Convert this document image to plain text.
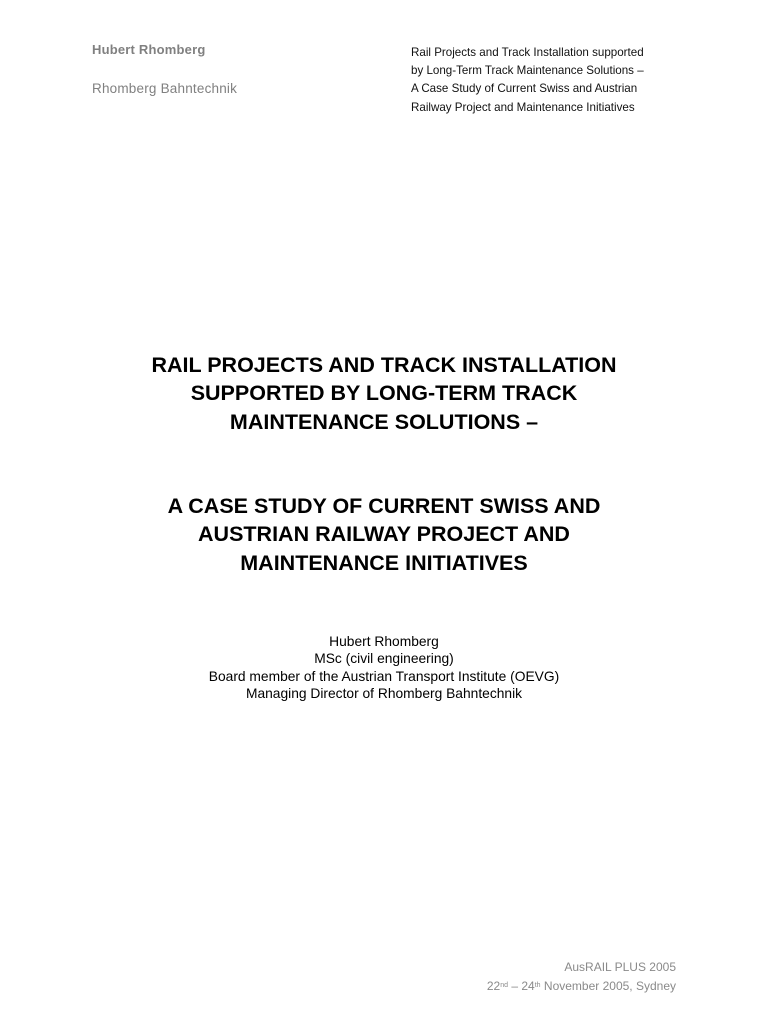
Hubert Rhomberg
Rhomberg Bahntechnik
Rail Projects and Track Installation supported
by Long-Term Track Maintenance Solutions –
A Case Study of Current Swiss and Austrian
Railway Project and Maintenance Initiatives
RAIL PROJECTS AND TRACK INSTALLATION
SUPPORTED BY LONG-TERM TRACK
MAINTENANCE SOLUTIONS –
A CASE STUDY OF CURRENT SWISS AND
AUSTRIAN RAILWAY PROJECT AND
MAINTENANCE INITIATIVES
Hubert Rhomberg
MSc (civil engineering)
Board member of the Austrian Transport Institute (OEVG)
Managing Director of Rhomberg Bahntechnik
AusRAIL PLUS 2005
22nd – 24th November 2005, Sydney
